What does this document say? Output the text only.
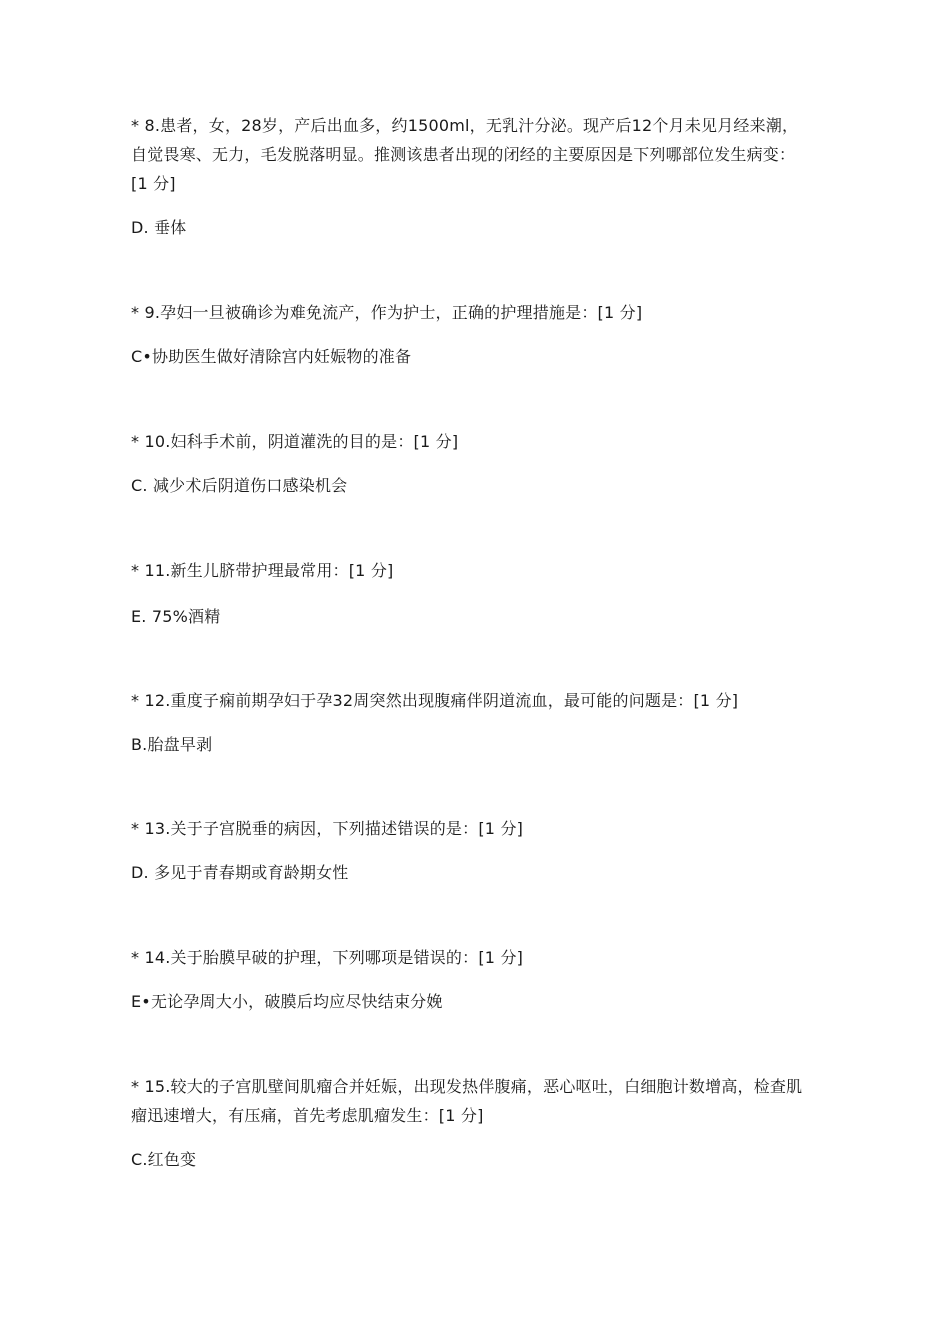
* 8.患者，女，28岁，产后出血多，约1500ml，无乳汁分泌。现产后12个月未见月经来潮，自觉畏寒、无力，毛发脱落明显。推测该患者出现的闭经的主要原因是下列哪部位发生病变：[1 分]

D. 垂体

* 9.孕妇一旦被确诊为难免流产，作为护士，正确的护理措施是：[1 分]

C•协助医生做好清除宫内妊娠物的准备

* 10.妇科手术前，阴道灌洗的目的是：[1 分]

C. 减少术后阴道伤口感染机会

* 11.新生儿脐带护理最常用：[1 分]

E. 75%酒精

* 12.重度子痫前期孕妇于孕32周突然出现腹痛伴阴道流血，最可能的问题是：[1 分]

B.胎盘早剥

* 13.关于子宫脱垂的病因，下列描述错误的是：[1 分]

D. 多见于青春期或育龄期女性

* 14.关于胎膜早破的护理，下列哪项是错误的：[1 分]

E•无论孕周大小，破膜后均应尽快结束分娩

* 15.较大的子宫肌壁间肌瘤合并妊娠，出现发热伴腹痛，恶心呕吐，白细胞计数增高，检查肌瘤迅速增大，有压痛，首先考虑肌瘤发生：[1 分]

C.红色变
